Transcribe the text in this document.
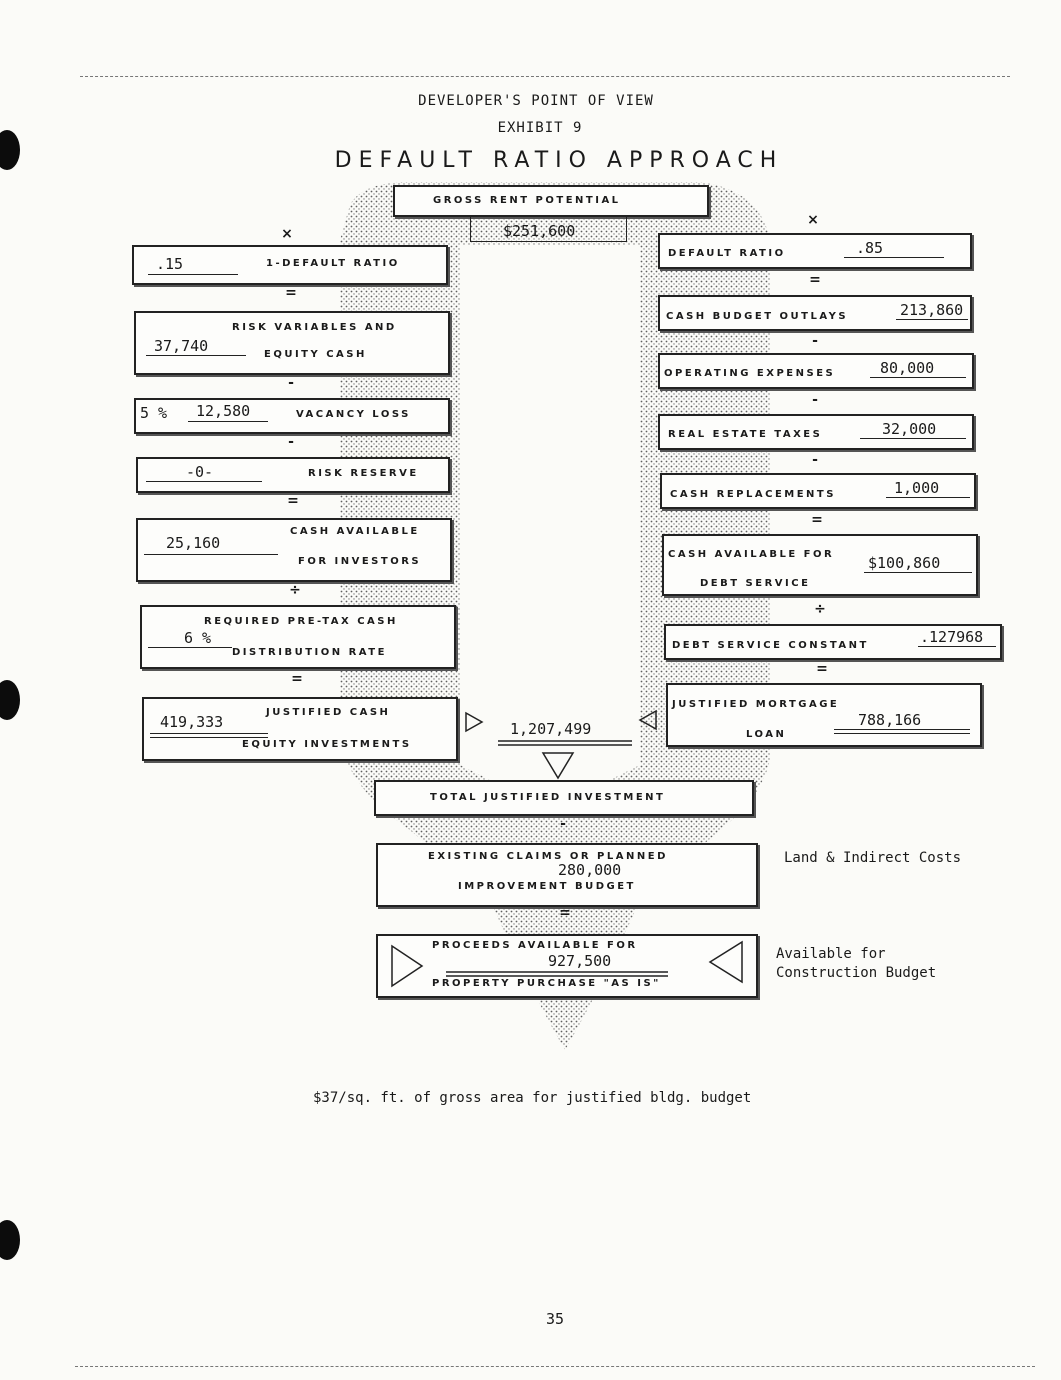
DEVELOPER'S POINT OF VIEW
EXHIBIT 9
DEFAULT RATIO APPROACH
GROSS RENT POTENTIAL
$251,600
×
.15	1-DEFAULT RATIO
=
RISK VARIABLES AND
37,740	EQUITY CASH
-
5 % 12,580	VACANCY LOSS
-
-0-	RISK RESERVE
=
CASH AVAILABLE
25,160
FOR INVESTORS
÷
REQUIRED PRE-TAX CASH
6 %
DISTRIBUTION RATE
=
419,333
JUSTIFIED CASH
EQUITY INVESTMENTS
×
DEFAULT RATIO	.85
=
CASH BUDGET OUTLAYS	213,860
-
OPERATING EXPENSES	80,000
-
REAL ESTATE TAXES	32,000
-
CASH REPLACEMENTS	1,000
=
CASH AVAILABLE FOR $100,860
DEBT SERVICE
÷
DEBT SERVICE CONSTANT	.127968
=
JUSTIFIED MORTGAGE
788,166
LOAN
1,207,499
TOTAL JUSTIFIED INVESTMENT
-
EXISTING CLAIMS OR PLANNED
280,000
IMPROVEMENT BUDGET
=
PROCEEDS AVAILABLE FOR
927,500
PROPERTY PURCHASE "AS IS"
Land & Indirect Costs
Available for
Construction Budget
$37/sq. ft. of gross area for justified bldg. budget
35
